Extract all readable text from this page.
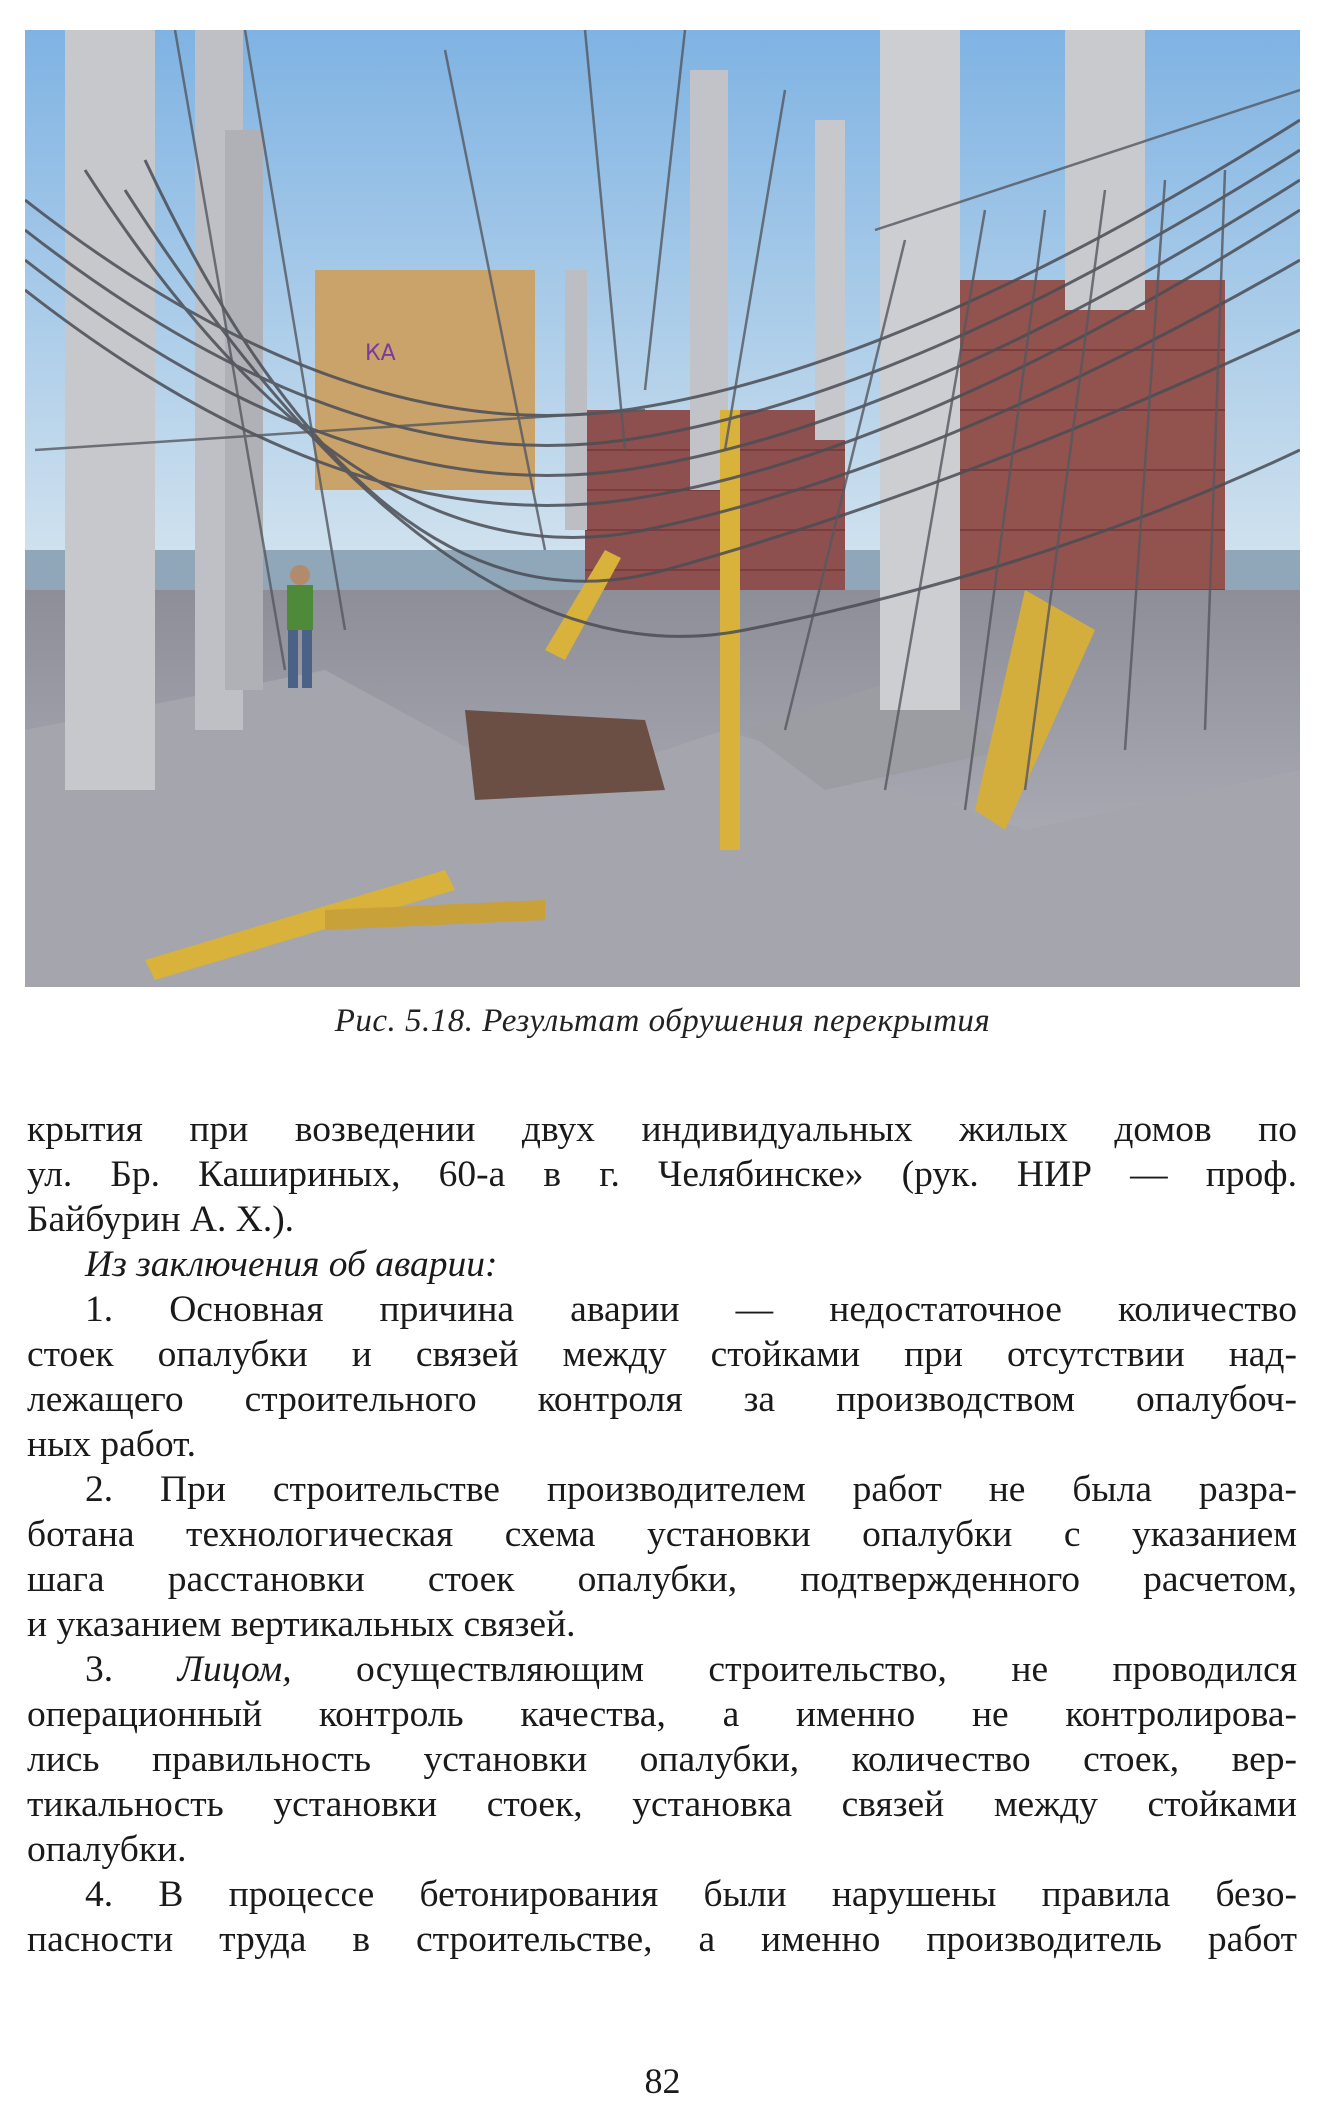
КА
Рис. 5.18. Результат обрушения перекрытия
крытия при возведении двух индивидуальных жилых домов по
ул. Бр. Кашириных, 60-а в г. Челябинске» (рук. НИР — проф.
Байбурин А. Х.).
Из заключения об аварии:
1. Основная причина аварии — недостаточное количество
стоек опалубки и связей между стойками при отсутствии над-
лежащего строительного контроля за производством опалубоч-
ных работ.
2. При строительстве производителем работ не была разра-
ботана технологическая схема установки опалубки с указанием
шага расстановки стоек опалубки, подтвержденного расчетом,
и указанием вертикальных связей.
3. Лицом, осуществляющим строительство, не проводился
операционный контроль качества, а именно не контролирова-
лись правильность установки опалубки, количество стоек, вер-
тикальность установки стоек, установка связей между стойками
опалубки.
4. В процессе бетонирования были нарушены правила безо-
пасности труда в строительстве, а именно производитель работ
82
